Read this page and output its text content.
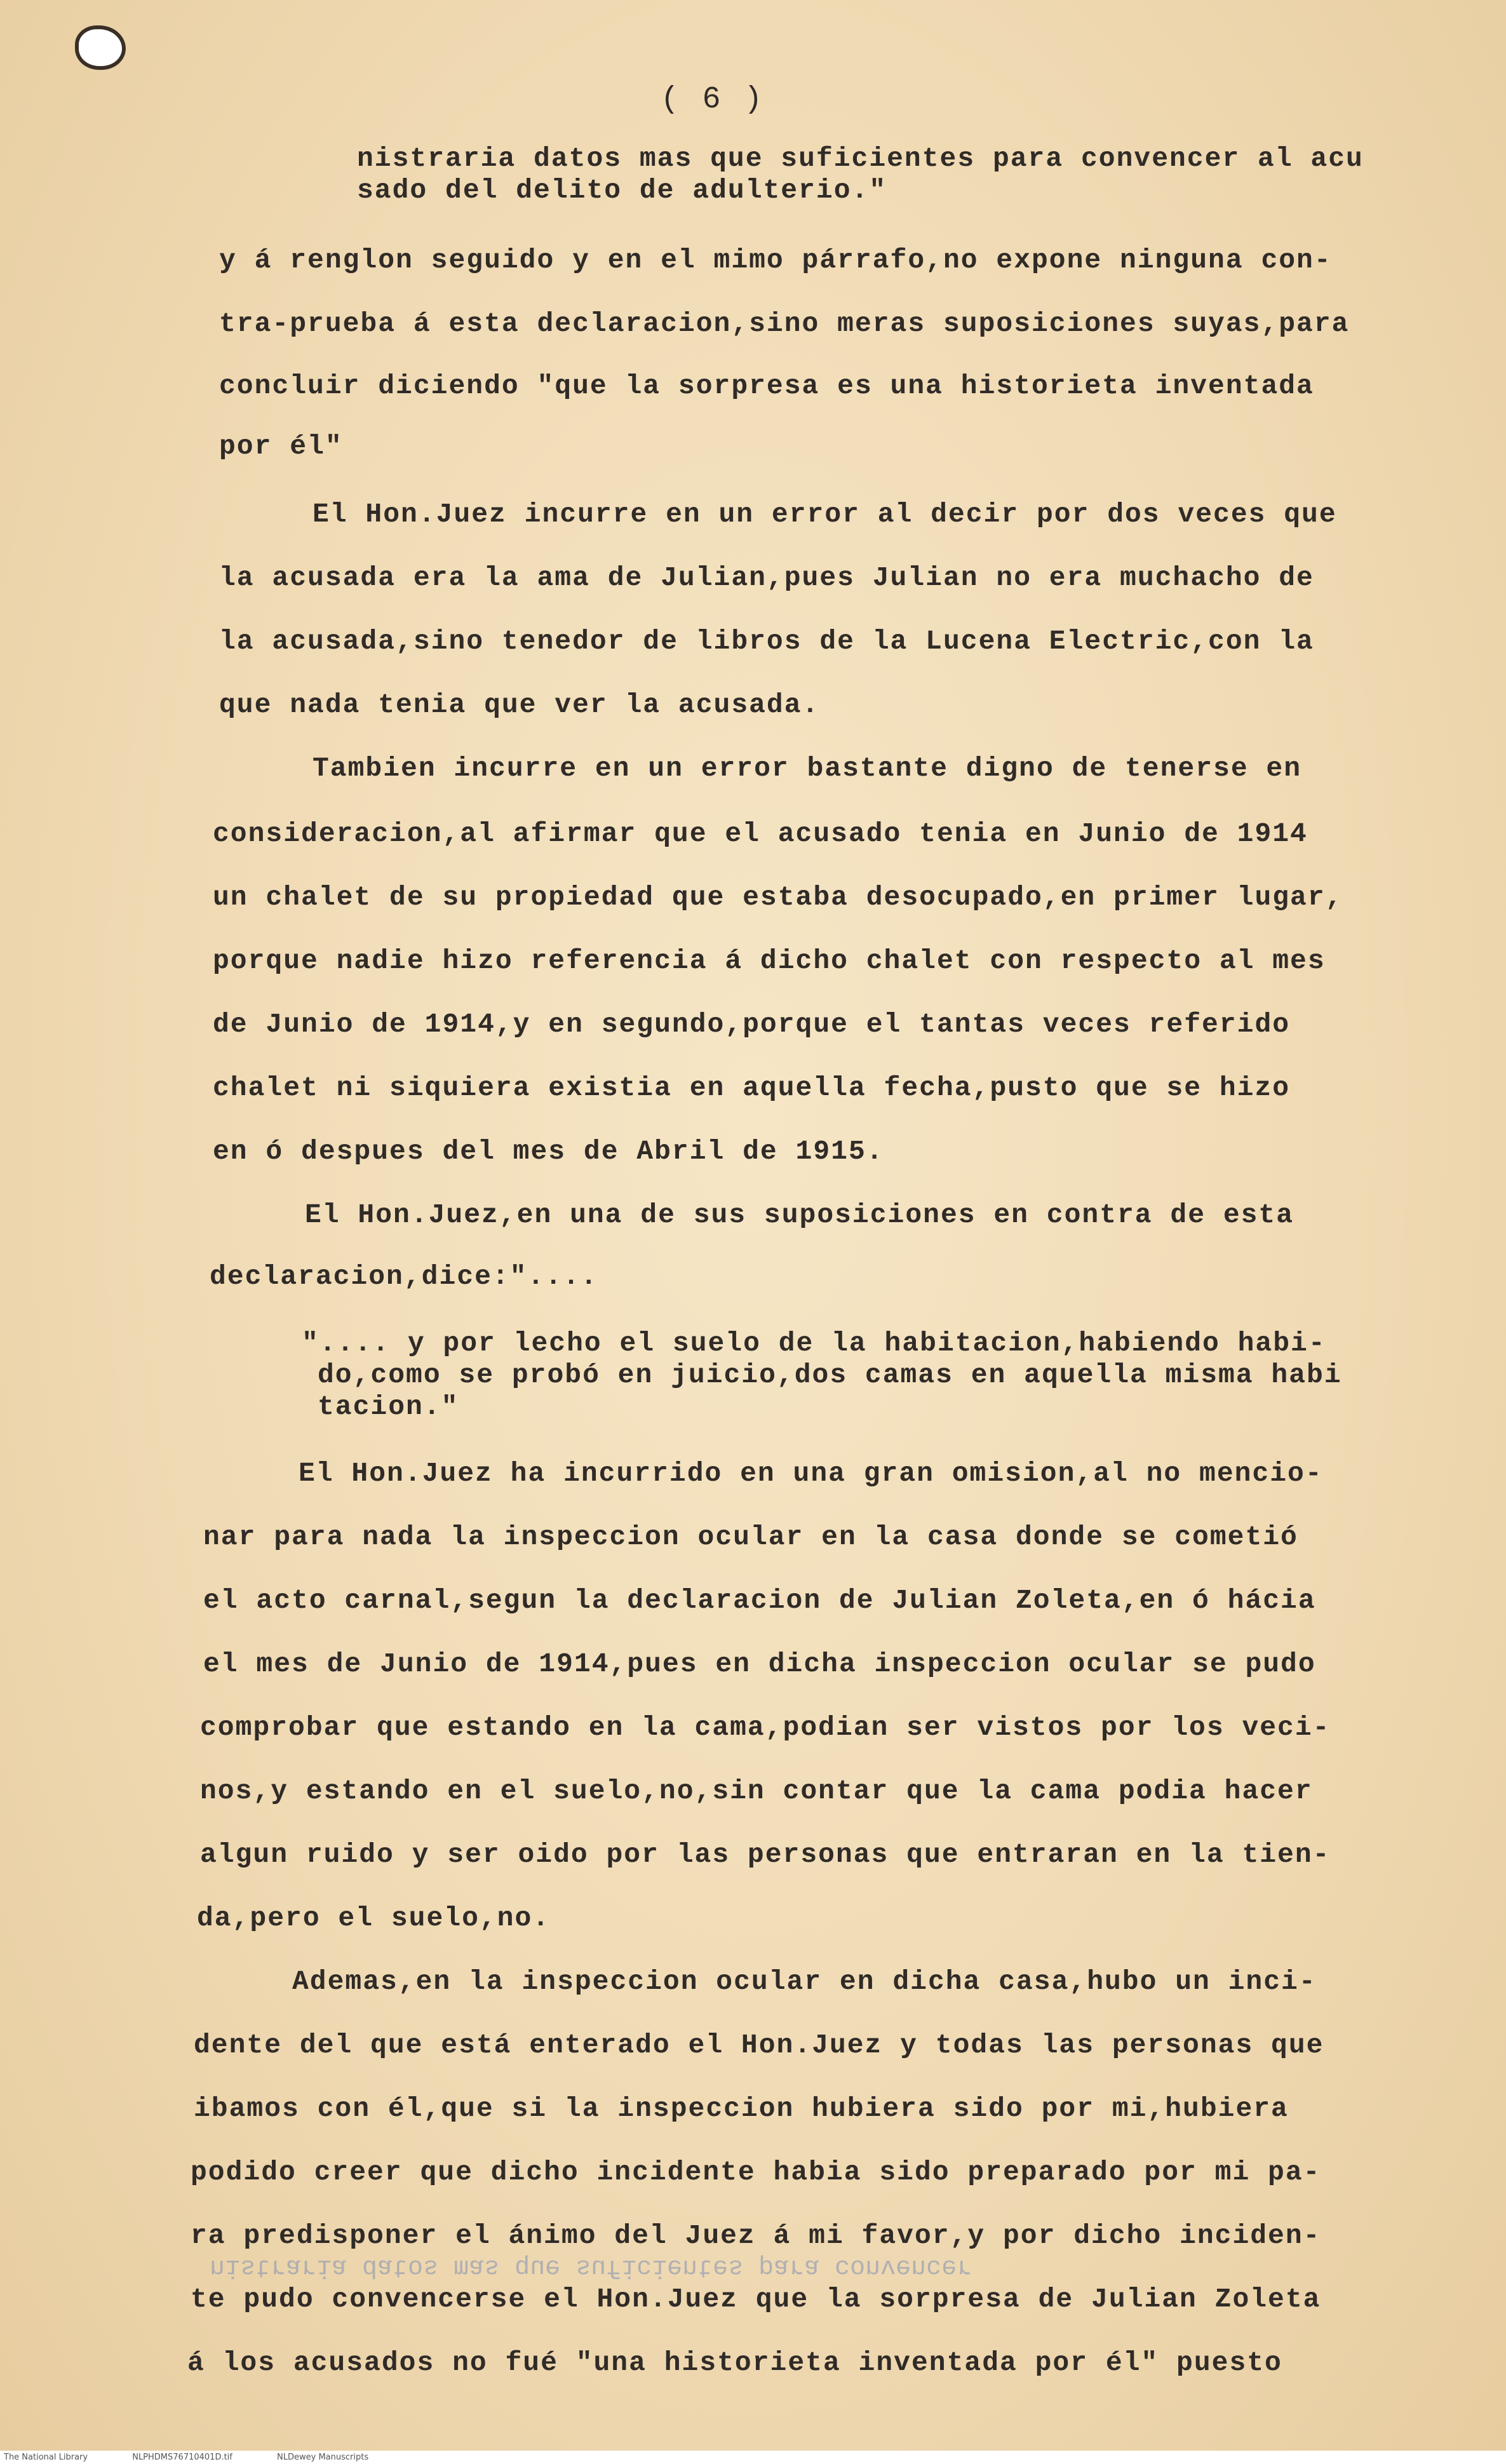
( 6 )
nistraria datos mas que suficientes para convencer
nistraria datos mas que suficientes para convencer al acu
sado del delito de adulterio."
y á renglon seguido y en el mimo párrafo,no expone ninguna con-
tra-prueba á esta declaracion,sino meras suposiciones suyas,para
concluir diciendo "que la sorpresa es una historieta inventada
por él"
El Hon.Juez incurre en un error al decir por dos veces que
la acusada era la ama de Julian,pues Julian no era muchacho de
la acusada,sino tenedor de libros de la Lucena Electric,con la
que nada tenia que ver la acusada.
Tambien incurre en un error bastante digno de tenerse en
consideracion,al afirmar que el acusado tenia en Junio de 1914
un chalet de su propiedad que estaba desocupado,en primer lugar,
porque nadie hizo referencia á dicho chalet con respecto al mes
de Junio de 1914,y en segundo,porque el tantas veces referido
chalet ni siquiera existia en aquella fecha,pusto que se hizo
en ó despues del mes de Abril de 1915.
El Hon.Juez,en una de sus suposiciones en contra de esta
declaracion,dice:"....
".... y por lecho el suelo de la habitacion,habiendo habi-
do,como se probó en juicio,dos camas en aquella misma habi
tacion."
El Hon.Juez ha incurrido en una gran omision,al no mencio-
nar para nada la inspeccion ocular en la casa donde se cometió
el acto carnal,segun la declaracion de Julian Zoleta,en ó hácia
el mes de Junio de 1914,pues en dicha inspeccion ocular se pudo
comprobar que estando en la cama,podian ser vistos por los veci-
nos,y estando en el suelo,no,sin contar que la cama podia hacer
algun ruido y ser oido por las personas que entraran en la tien-
da,pero el suelo,no.
Ademas,en la inspeccion ocular en dicha casa,hubo un inci-
dente del que está enterado el Hon.Juez y todas las personas que
ibamos con él,que si la inspeccion hubiera sido por mi,hubiera
podido creer que dicho incidente habia sido preparado por mi pa-
ra predisponer el ánimo del Juez á mi favor,y por dicho inciden-
te pudo convencerse el Hon.Juez que la sorpresa de Julian Zoleta
á los acusados no fué "una historieta inventada por él" puesto
The National Library	NLPHDMS76710401D.tif	NLDewey Manuscripts
